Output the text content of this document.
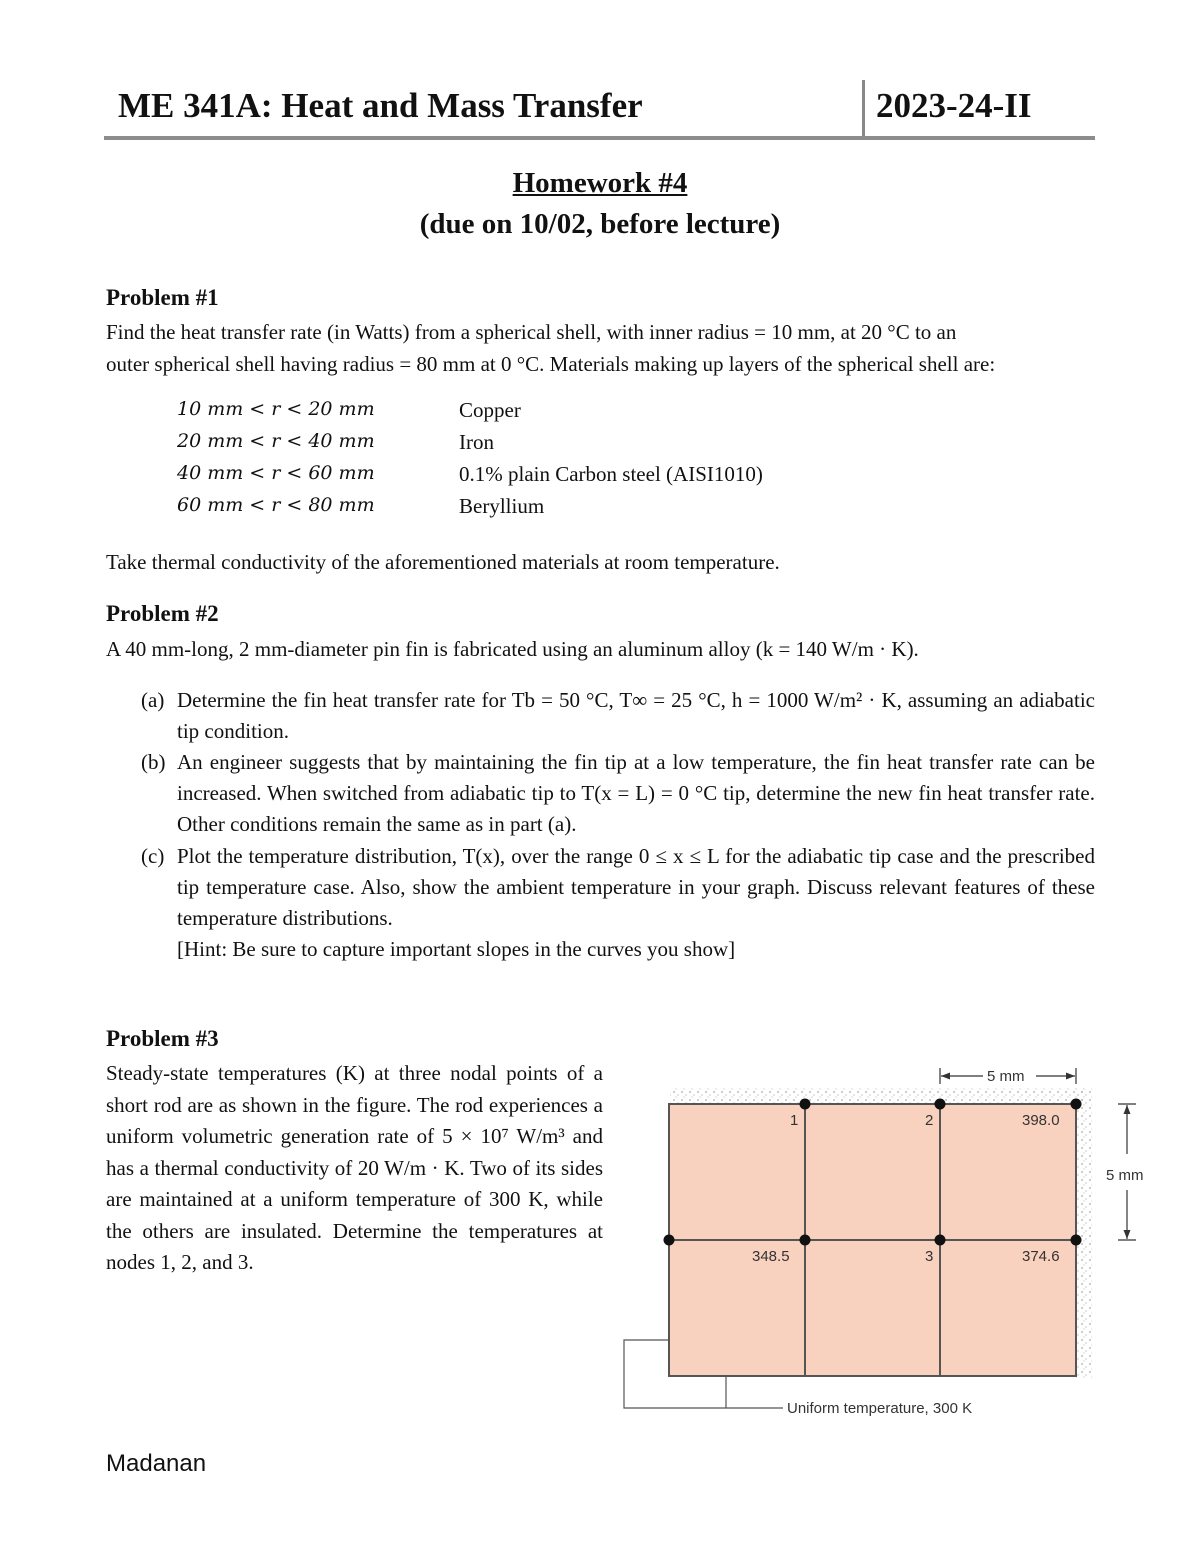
ME 341A: Heat and Mass Transfer	2023-24-II
Homework #4
(due on 10/02, before lecture)
Problem #1
Find the heat transfer rate (in Watts) from a spherical shell, with inner radius = 10 mm, at 20 °C to an
outer spherical shell having radius = 80 mm at 0 °C. Materials making up layers of the spherical shell are:
10 mm < r < 20 mm	Copper
20 mm < r < 40 mm	Iron
40 mm < r < 60 mm	0.1% plain Carbon steel (AISI1010)
60 mm < r < 80 mm	Beryllium
Take thermal conductivity of the aforementioned materials at room temperature.
Problem #2
A 40 mm-long, 2 mm-diameter pin fin is fabricated using an aluminum alloy (k = 140 W/m · K).
(a) Determine the fin heat transfer rate for Tb = 50 °C, T∞ = 25 °C, h = 1000 W/m² · K, assuming an adiabatic tip condition.
(b) An engineer suggests that by maintaining the fin tip at a low temperature, the fin heat transfer rate can be increased. When switched from adiabatic tip to T(x = L) = 0 °C tip, determine the new fin heat transfer rate. Other conditions remain the same as in part (a).
(c) Plot the temperature distribution, T(x), over the range 0 ≤ x ≤ L for the adiabatic tip case and the prescribed tip temperature case. Also, show the ambient temperature in your graph. Discuss relevant features of these temperature distributions.
[Hint: Be sure to capture important slopes in the curves you show]
Problem #3
Steady-state temperatures (K) at three nodal points of a short rod are as shown in the figure. The rod experiences a uniform volumetric generation rate of 5 × 10⁷ W/m³ and has a thermal conductivity of 20 W/m · K. Two of its sides are maintained at a uniform temperature of 300 K, while the others are insulated. Determine the temperatures at nodes 1, 2, and 3.
1	2
3
398.0
348.5	374.6
5 mm
5 mm
Uniform temperature, 300 K
Madanan
